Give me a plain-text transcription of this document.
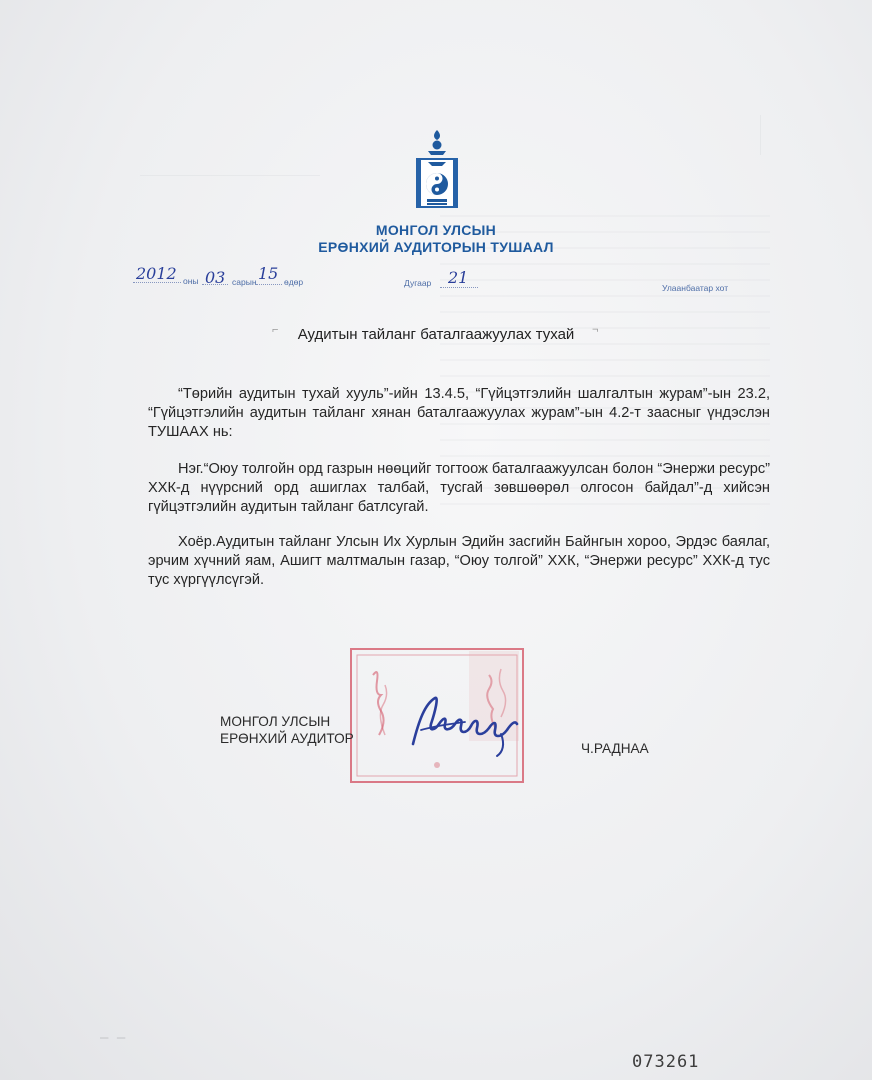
МОНГОЛ УЛСЫН
ЕРӨНХИЙ АУДИТОРЫН ТУШААЛ
2012 оны 03 сарын 15 өдөр	Дугаар 21
Улаанбаатар хот
⌐	Аудитын тайланг баталгаажуулах тухай	¬
“Төрийн аудитын тухай хууль”-ийн 13.4.5, “Гүйцэтгэлийн шалгалтын журам”-ын 23.2, “Гүйцэтгэлийн аудитын тайланг хянан баталгаажуулах журам”-ын 4.2-т заасныг үндэслэн ТУШААХ нь:
Нэг.“Оюу толгойн орд газрын нөөцийг тогтоож баталгаажуулсан болон “Энержи ресурс” ХХК-д нүүрсний орд ашиглах талбай, тусгай зөвшөөрөл олгосон байдал”-д хийсэн гүйцэтгэлийн аудитын тайланг батлсугай.
Хоёр.Аудитын тайланг Улсын Их Хурлын Эдийн засгийн Байнгын хороо, Эрдэс баялаг, эрчим хүчний яам, Ашигт малтмалын газар, “Оюу толгой” ХХК, “Энержи ресурс” ХХК-д тус тус хүргүүлсүгэй.
МОНГОЛ УЛСЫН
ЕРӨНХИЙ АУДИТОР
Ч.РАДНАА
— —
073261
